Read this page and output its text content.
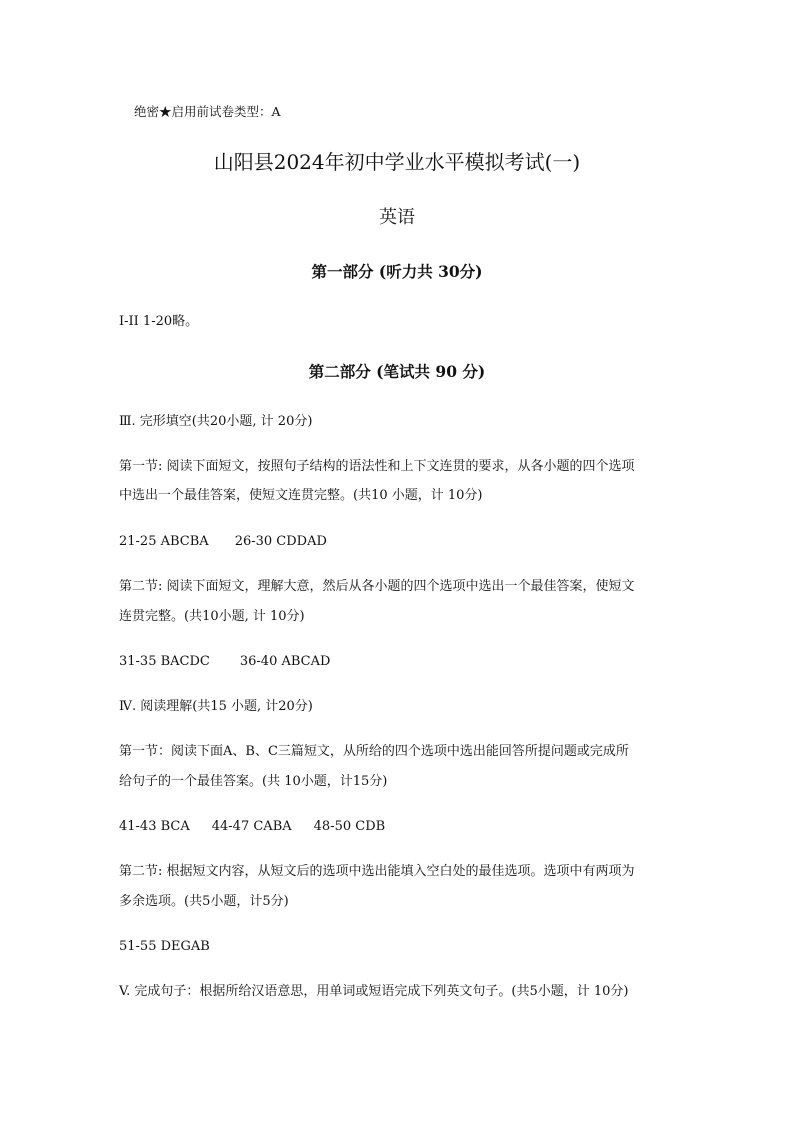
绝密★启用前试卷类型：A
山阳县2024年初中学业水平模拟考试(一)
英语
第一部分 (听力共 30分)
I-II 1-20略。
第二部分 (笔试共 90 分)
Ⅲ. 完形填空(共20小题, 计 20分)
第一节: 阅读下面短文，按照句子结构的语法性和上下文连贯的要求，从各小题的四个选项
中选出一个最佳答案，使短文连贯完整。(共10 小题，计 10分)
21-25 ABCBA 26-30 CDDAD
第二节: 阅读下面短文，理解大意，然后从各小题的四个选项中选出一个最佳答案，使短文
连贯完整。(共10小题, 计 10分)
31-35 BACDC 36-40 ABCAD
Ⅳ. 阅读理解(共15 小题, 计20分)
第一节：阅读下面A、B、C三篇短文，从所给的四个选项中选出能回答所提问题或完成所
给句子的一个最佳答案。(共 10小题，计15分)
41-43 BCA 44-47 CABA 48-50 CDB
第二节: 根据短文内容，从短文后的选项中选出能填入空白处的最佳选项。选项中有两项为
多余选项。(共5小题，计5分)
51-55 DEGAB
V. 完成句子：根据所给汉语意思，用单词或短语完成下列英文句子。(共5小题，计 10分)
